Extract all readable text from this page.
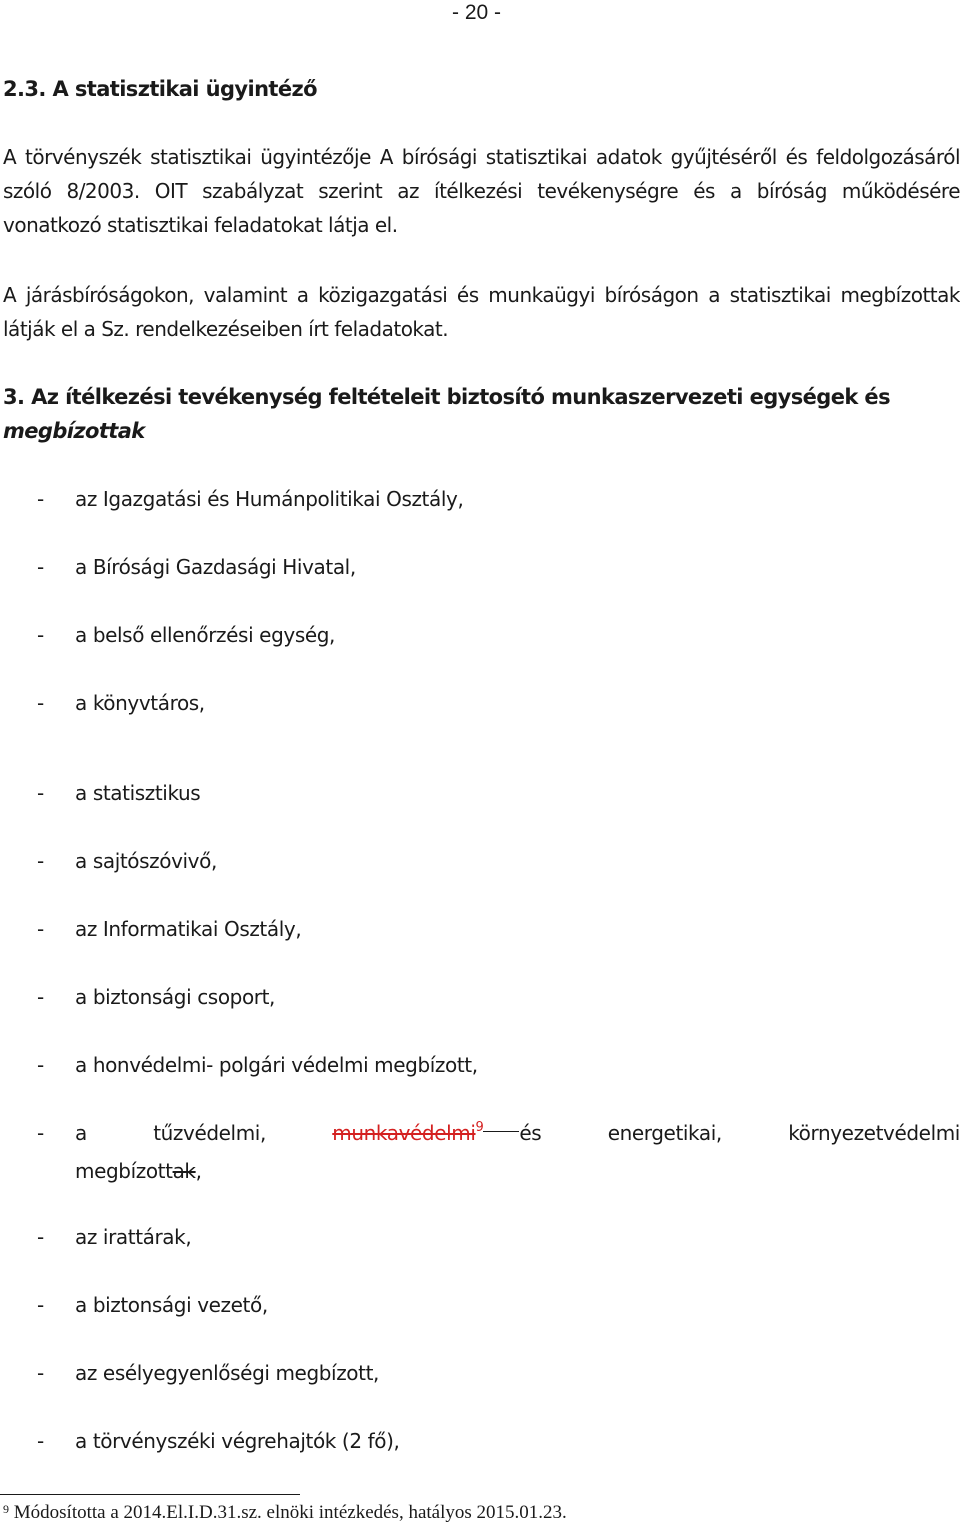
- 20 -
2.3. A statisztikai ügyintéző
A törvényszék statisztikai ügyintézője A bírósági statisztikai adatok gyűjtéséről és feldolgozásáról szóló 8/2003. OIT szabályzat szerint az ítélkezési tevékenységre és a bíróság működésére vonatkozó statisztikai feladatokat látja el.
A járásbíróságokon, valamint a közigazgatási és munkaügyi bíróságon a statisztikai megbízottak látják el a Sz. rendelkezéseiben írt feladatokat.
3. Az ítélkezési tevékenység feltételeit biztosító munkaszervezeti egységek és megbízottak
- az Igazgatási és Humánpolitikai Osztály,
- a Bírósági Gazdasági Hivatal,
- a belső ellenőrzési egység,
- a könyvtáros,
- a statisztikus
- a sajtószóvivő,
- az Informatikai Osztály,
- a biztonsági csoport,
- a honvédelmi- polgári védelmi megbízott,
- a	tűzvédelmi,	munkavédelmi$^9$ és	energetikai,	környezetvédelmi
megbízottak,
- az irattárak,
- a biztonsági vezető,
- az esélyegyenlőségi megbízott,
- a törvényszéki végrehajtók (2 fő),
$^9$ Módosította a 2014.El.I.D.31.sz. elnöki intézkedés, hatályos 2015.01.23.
